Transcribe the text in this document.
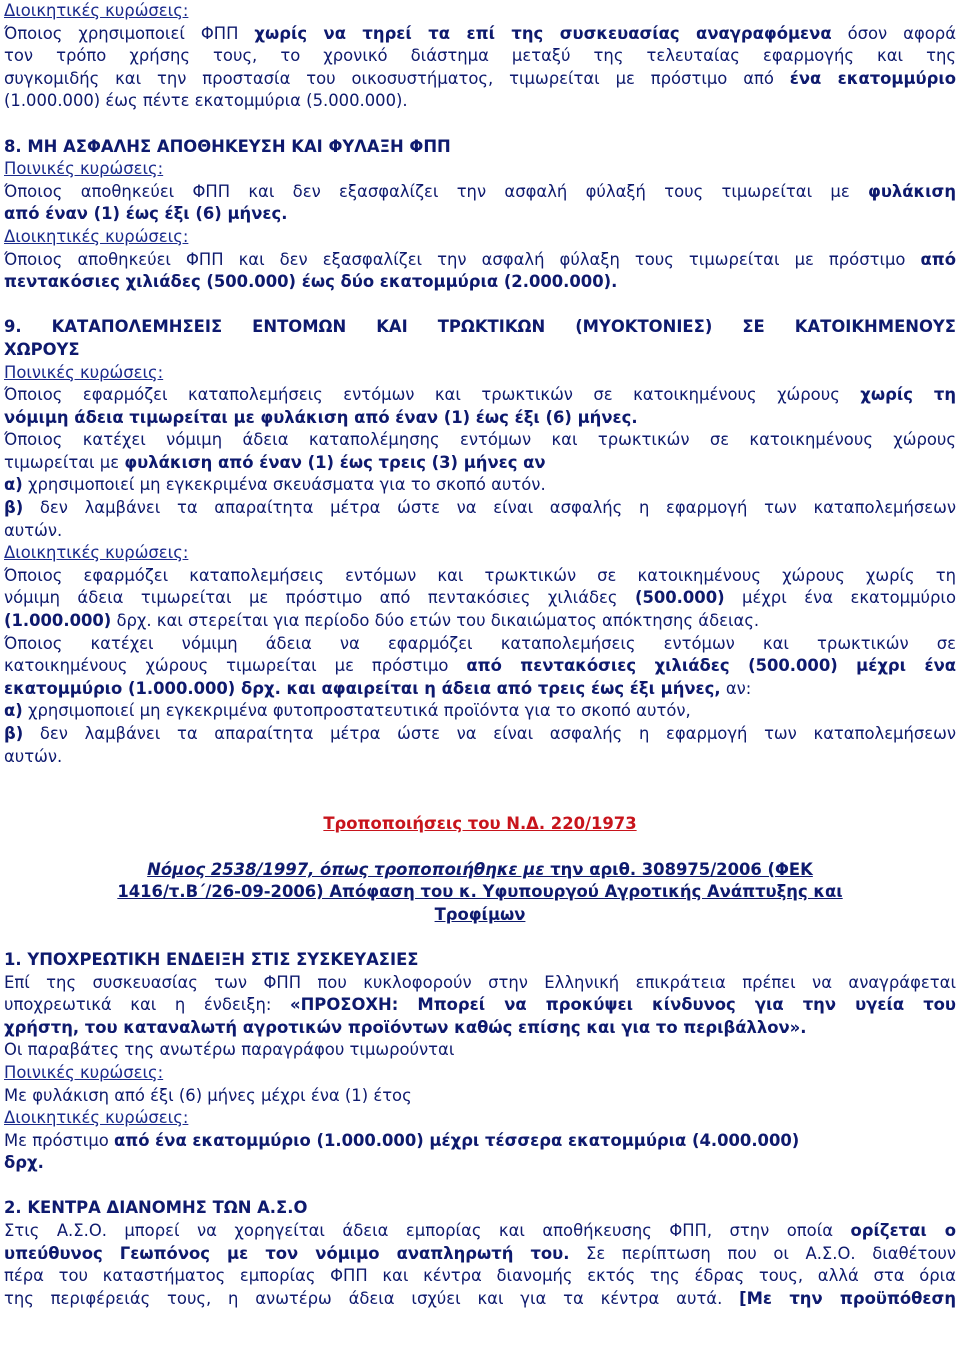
Διοικητικές κυρώσεις:
Όποιος χρησιμοποιεί ΦΠΠ χωρίς να τηρεί τα επί της συσκευασίας αναγραφόμενα όσον αφορά
τον τρόπο χρήσης τους, το χρονικό διάστημα μεταξύ της τελευταίας εφαρμογής και της
συγκομιδής και την προστασία του οικοσυστήματος, τιμωρείται με πρόστιμο από ένα εκατομμύριο
(1.000.000) έως πέντε εκατομμύρια (5.000.000).
8. ΜΗ ΑΣΦΑΛΗΣ ΑΠΟΘΗΚΕΥΣΗ ΚΑΙ ΦΥΛΑΞΗ ΦΠΠ
Ποινικές κυρώσεις:
Όποιος αποθηκεύει ΦΠΠ και δεν εξασφαλίζει την ασφαλή φύλαξή τους τιμωρείται με φυλάκιση
από έναν (1) έως έξι (6) μήνες.
Διοικητικές κυρώσεις:
Όποιος αποθηκεύει ΦΠΠ και δεν εξασφαλίζει την ασφαλή φύλαξη τους τιμωρείται με πρόστιμο από
πεντακόσιες χιλιάδες (500.000) έως δύο εκατομμύρια (2.000.000).
9. ΚΑΤΑΠΟΛΕΜΗΣΕΙΣ ΕΝΤΟΜΩΝ ΚΑΙ ΤΡΩΚΤΙΚΩΝ (ΜΥΟΚΤΟΝΙΕΣ) ΣΕ ΚΑΤΟΙΚΗΜΕΝΟΥΣ
ΧΩΡΟΥΣ
Ποινικές κυρώσεις:
Όποιος εφαρμόζει καταπολεμήσεις εντόμων και τρωκτικών σε κατοικημένους χώρους χωρίς τη
νόμιμη άδεια τιμωρείται με φυλάκιση από έναν (1) έως έξι (6) μήνες.
Όποιος κατέχει νόμιμη άδεια καταπολέμησης εντόμων και τρωκτικών σε κατοικημένους χώρους
τιμωρείται με φυλάκιση από έναν (1) έως τρεις (3) μήνες αν
α) χρησιμοποιεί μη εγκεκριμένα σκευάσματα για το σκοπό αυτόν.
β) δεν λαμβάνει τα απαραίτητα μέτρα ώστε να είναι ασφαλής η εφαρμογή των καταπολεμήσεων
αυτών.
Διοικητικές κυρώσεις:
Όποιος εφαρμόζει καταπολεμήσεις εντόμων και τρωκτικών σε κατοικημένους χώρους χωρίς τη
νόμιμη άδεια τιμωρείται με πρόστιμο από πεντακόσιες χιλιάδες (500.000) μέχρι ένα εκατομμύριο
(1.000.000) δρχ. και στερείται για περίοδο δύο ετών του δικαιώματος απόκτησης άδειας.
Όποιος κατέχει νόμιμη άδεια να εφαρμόζει καταπολεμήσεις εντόμων και τρωκτικών σε
κατοικημένους χώρους τιμωρείται με πρόστιμο από πεντακόσιες χιλιάδες (500.000) μέχρι ένα
εκατομμύριο (1.000.000) δρχ. και αφαιρείται η άδεια από τρεις έως έξι μήνες, αν:
α) χρησιμοποιεί μη εγκεκριμένα φυτοπροστατευτικά προϊόντα για το σκοπό αυτόν,
β) δεν λαμβάνει τα απαραίτητα μέτρα ώστε να είναι ασφαλής η εφαρμογή των καταπολεμήσεων
αυτών.
Τροποποιήσεις του Ν.Δ. 220/1973
Νόμος 2538/1997, όπως τροποποιήθηκε με την αριθ. 308975/2006 (ΦΕΚ
1416/τ.Β΄/26-09-2006) Απόφαση του κ. Υφυπουργού Αγροτικής Ανάπτυξης και
Τροφίμων
1. ΥΠΟΧΡΕΩΤΙΚΗ ΕΝΔΕΙΞΗ ΣΤΙΣ ΣΥΣΚΕΥΑΣΙΕΣ
Επί της συσκευασίας των ΦΠΠ που κυκλοφορούν στην Ελληνική επικράτεια πρέπει να αναγράφεται
υποχρεωτικά και η ένδειξη: «ΠΡΟΣΟΧΗ: Μπορεί να προκύψει κίνδυνος για την υγεία του
χρήστη, του καταναλωτή αγροτικών προϊόντων καθώς επίσης και για το περιβάλλον».
Οι παραβάτες της ανωτέρω παραγράφου τιμωρούνται
Ποινικές κυρώσεις:
Με φυλάκιση από έξι (6) μήνες μέχρι ένα (1) έτος
Διοικητικές κυρώσεις:
Με πρόστιμο από ένα εκατομμύριο (1.000.000) μέχρι τέσσερα εκατομμύρια (4.000.000)
δρχ.
2. ΚΕΝΤΡΑ ΔΙΑΝΟΜΗΣ ΤΩΝ Α.Σ.Ο
Στις Α.Σ.Ο. μπορεί να χορηγείται άδεια εμπορίας και αποθήκευσης ΦΠΠ, στην οποία ορίζεται ο
υπεύθυνος Γεωπόνος με τον νόμιμο αναπληρωτή του. Σε περίπτωση που οι Α.Σ.Ο. διαθέτουν
πέρα του καταστήματος εμπορίας ΦΠΠ και κέντρα διανομής εκτός της έδρας τους, αλλά στα όρια
της περιφέρειάς τους, η ανωτέρω άδεια ισχύει και για τα κέντρα αυτά. [Με την προϋπόθεση
